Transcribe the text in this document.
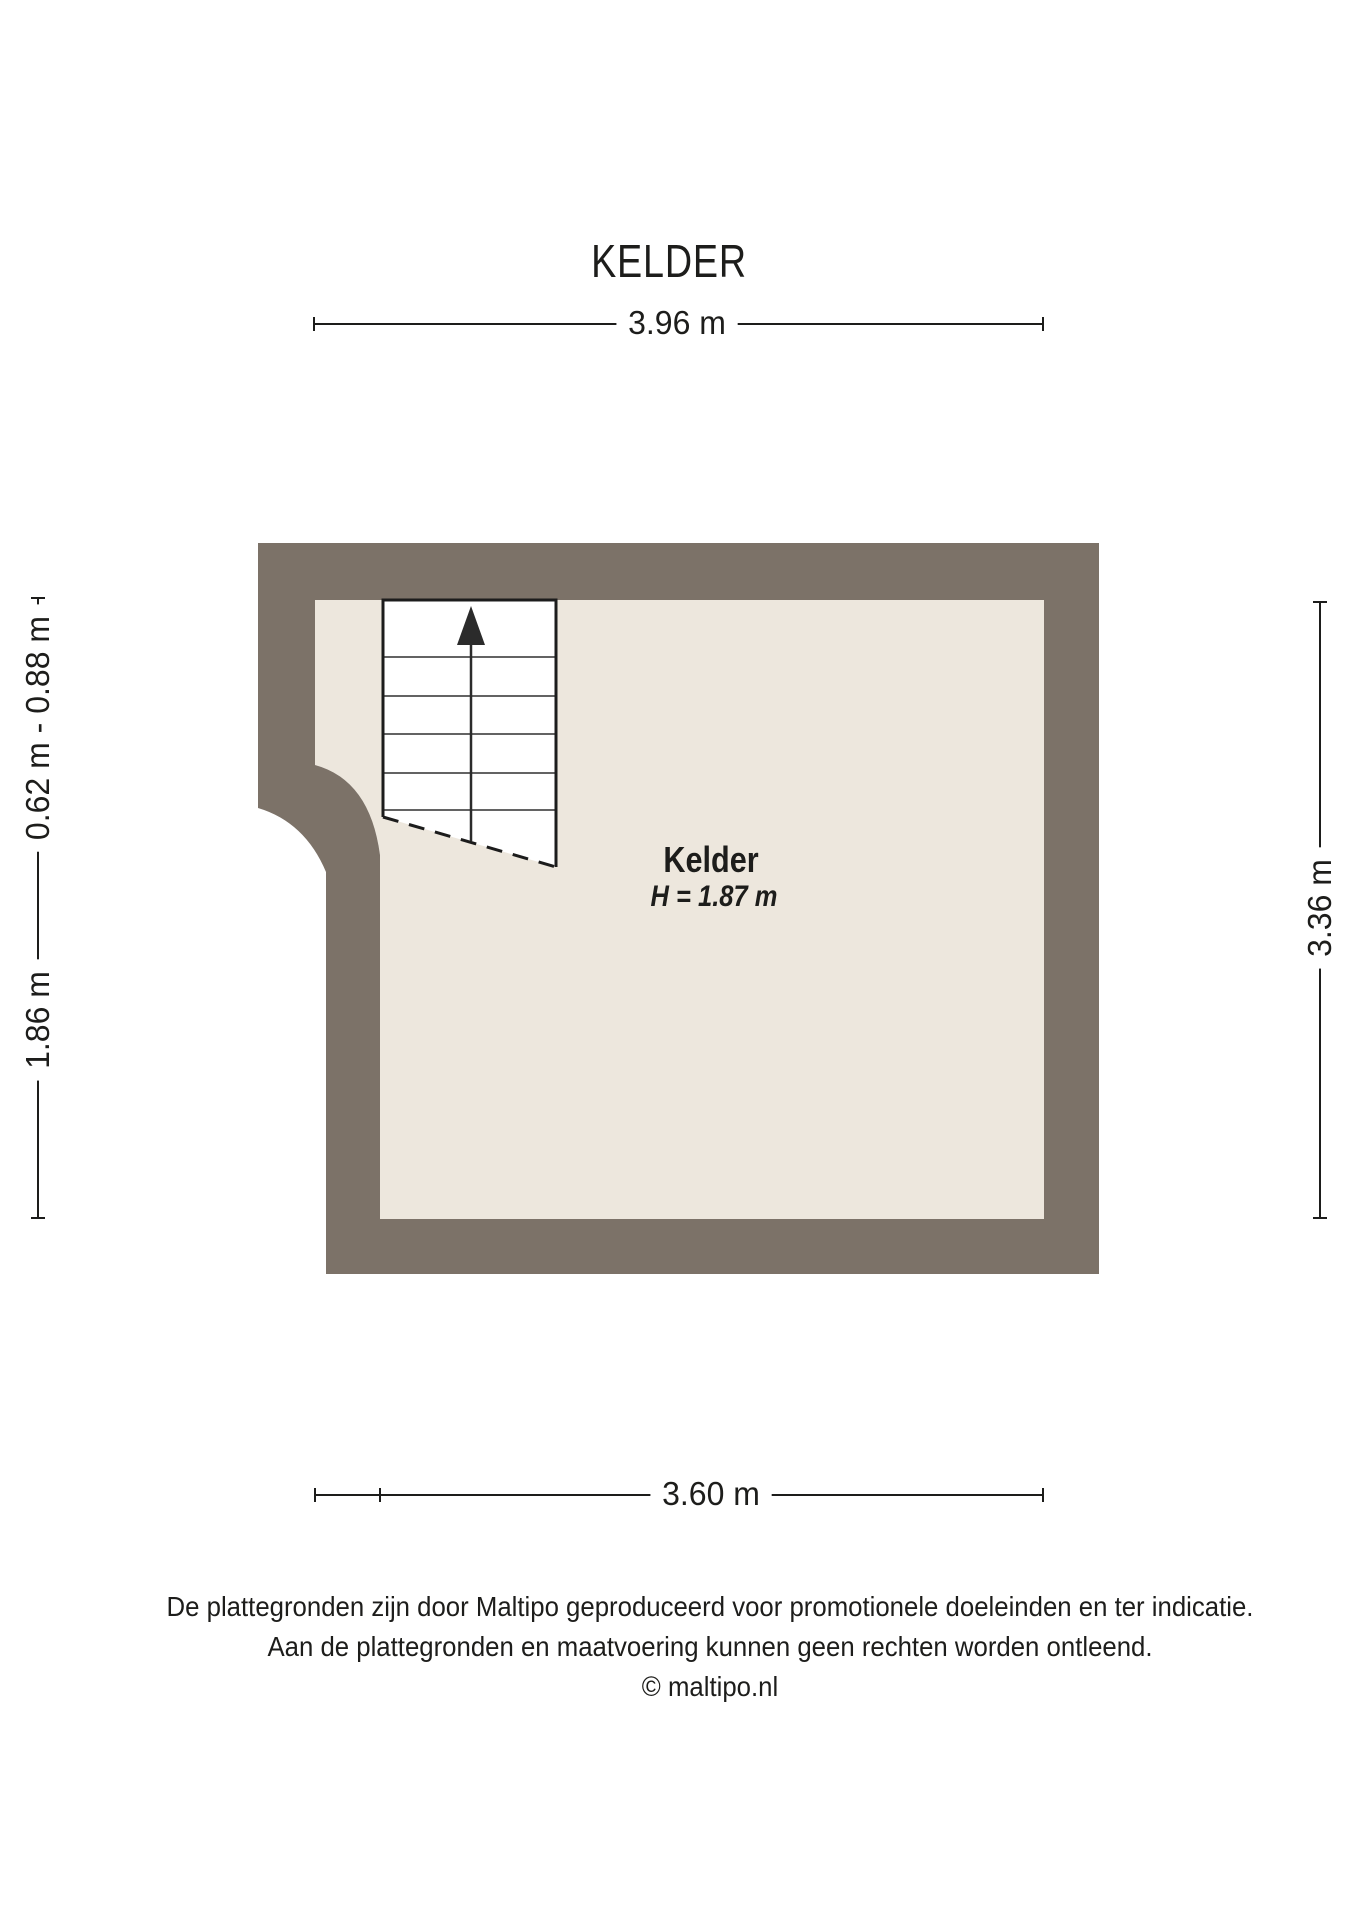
KELDER
3.96 m
3.60 m
0.62 m - 0.88 m
1.86 m
3.36 m
Kelder
H = 1.87 m
De plattegronden zijn door Maltipo geproduceerd voor promotionele doeleinden en ter indicatie.
Aan de plattegronden en maatvoering kunnen geen rechten worden ontleend.
© maltipo.nl
